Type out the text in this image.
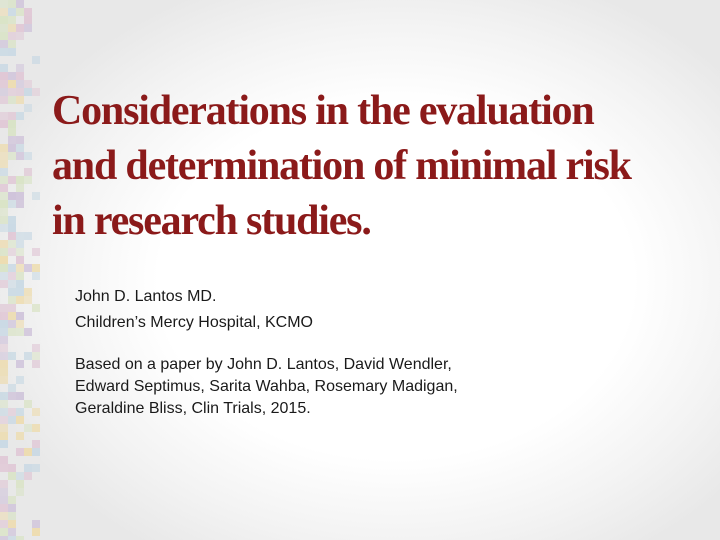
Considerations in the evaluation
and determination of minimal risk
in research studies.
John D. Lantos MD.
Children’s Mercy Hospital, KCMO
Based on a paper by John D. Lantos, David Wendler,
Edward Septimus, Sarita Wahba, Rosemary Madigan,
Geraldine Bliss, Clin Trials, 2015.
